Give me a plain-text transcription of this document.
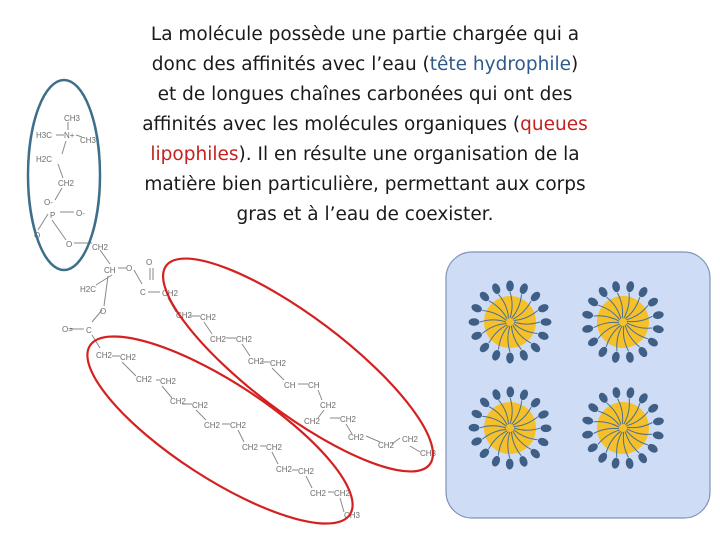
La molécule possède une partie chargée qui a donc des affinités avec l’eau (tête hydrophile) et de longues chaînes carbonées qui ont des affinités avec les molécules organiques (queues lipophiles). Il en résulte une organisation de la matière bien particulière, permettant aux corps gras et à l’eau de coexister.
CH3
H3C N+
CH3
H2C
CH2
O-
P	O-
O
O CH2
CH O
H2C
O
C CH2
O
O= C
CH2 CH2
CH2 CH2
CH2 CH2
CH CH
CH2
CH2 CH2
CH2
CH2
CH2
CH3
CH2 CH2
CH2 CH2
CH2 CH2
CH2 CH2
CH2 CH2
CH2 CH2
CH2 CH2
CH3
